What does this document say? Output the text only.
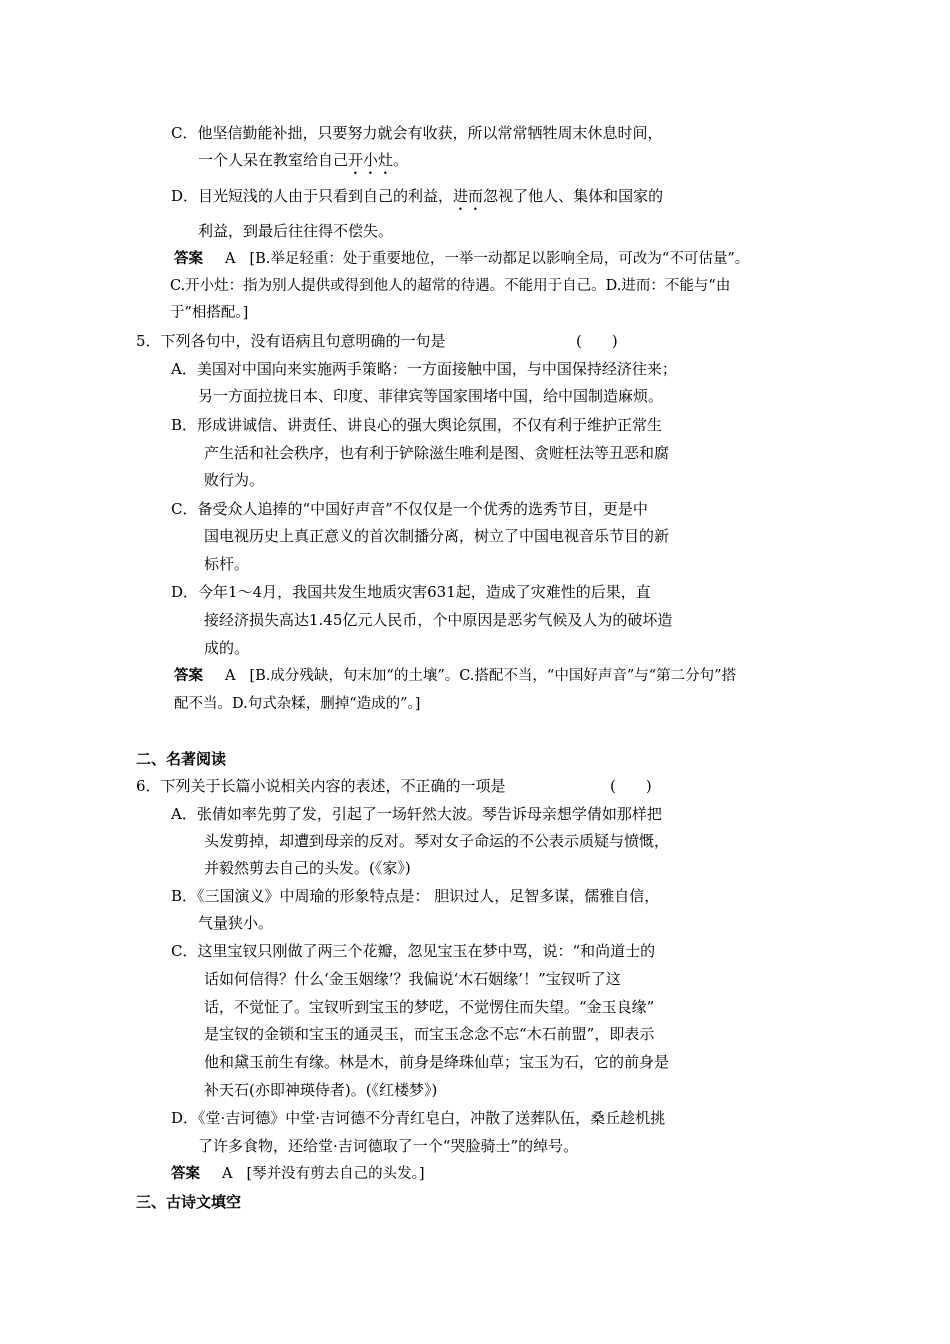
C．他坚信勤能补拙，只要努力就会有收获，所以常常牺牲周末休息时间，
一个人呆在教室给自己开小灶。
D．目光短浅的人由于只看到自己的利益，进而忽视了他人、集体和国家的
利益，到最后往往得不偿失。
答案 A [B.举足轻重：处于重要地位，一举一动都足以影响全局，可改为“不可估量”。
C.开小灶：指为别人提供或得到他人的超常的待遇。不能用于自己。D.进而：不能与“由
于”相搭配。]
5．下列各句中，没有语病且句意明确的一句是	(　　)
A．美国对中国向来实施两手策略：一方面接触中国，与中国保持经济往来；
另一方面拉拢日本、印度、菲律宾等国家围堵中国，给中国制造麻烦。
B．形成讲诚信、讲责任、讲良心的强大舆论氛围，不仅有利于维护正常生
产生活和社会秩序，也有利于铲除滋生唯利是图、贪赃枉法等丑恶和腐
败行为。
C．备受众人追捧的“中国好声音”不仅仅是一个优秀的选秀节目，更是中
国电视历史上真正意义的首次制播分离，树立了中国电视音乐节目的新
标杆。
D．今年1～4月，我国共发生地质灾害631起，造成了灾难性的后果，直
接经济损失高达1.45亿元人民币，个中原因是恶劣气候及人为的破坏造
成的。
答案 A [B.成分残缺，句末加“的土壤”。C.搭配不当，“中国好声音”与“第二分句”搭
配不当。D.句式杂糅，删掉“造成的”。]
二、名著阅读
6．下列关于长篇小说相关内容的表述，不正确的一项是	(　　)
A．张倩如率先剪了发，引起了一场轩然大波。琴告诉母亲想学倩如那样把
头发剪掉，却遭到母亲的反对。琴对女子命运的不公表示质疑与愤慨，
并毅然剪去自己的头发。(《家》)
B．《三国演义》中周瑜的形象特点是： 胆识过人，足智多谋，儒雅自信，
气量狭小。
C．这里宝钗只刚做了两三个花瓣，忽见宝玉在梦中骂，说：“和尚道士的
话如何信得？什么‘金玉姻缘’？我偏说‘木石姻缘’！”宝钗听了这
话，不觉怔了。宝钗听到宝玉的梦呓，不觉愣住而失望。“金玉良缘”
是宝钗的金锁和宝玉的通灵玉，而宝玉念念不忘“木石前盟”，即表示
他和黛玉前生有缘。林是木，前身是绛珠仙草；宝玉为石，它的前身是
补天石(亦即神瑛侍者)。(《红楼梦》)
D．《堂·吉诃德》中堂·吉诃德不分青红皂白，冲散了送葬队伍，桑丘趁机挑
了许多食物，还给堂·吉诃德取了一个“哭脸骑士”的绰号。
答案 A [琴并没有剪去自己的头发。]
三、古诗文填空
